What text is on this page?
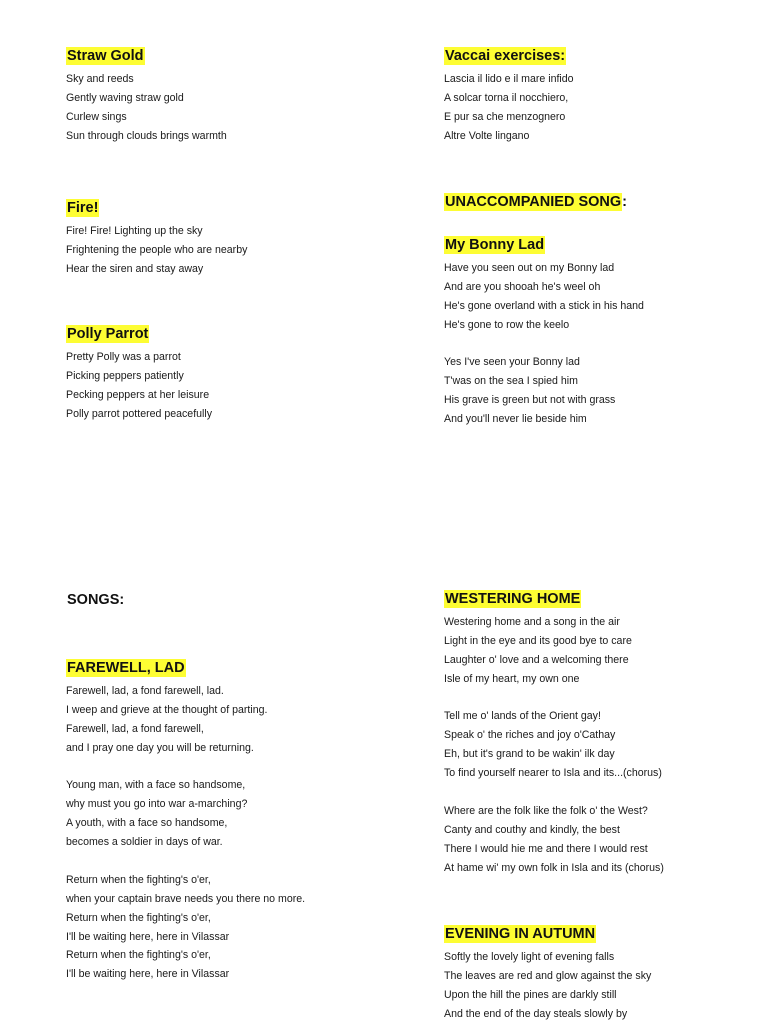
Straw Gold
Sky and reeds
Gently waving straw gold
Curlew sings
Sun through clouds brings warmth
Fire!
Fire! Fire! Lighting up the sky
Frightening the people who are nearby
Hear the siren and stay away
Polly Parrot
Pretty Polly was a parrot
Picking peppers patiently
Pecking peppers at her leisure
Polly parrot pottered peacefully
SONGS:
FAREWELL, LAD
Farewell, lad, a fond farewell, lad.
I weep and grieve at the thought of parting.
Farewell, lad, a fond farewell,
and I pray one day you will be returning.
Young man, with a face so handsome,
why must you go into war a-marching?
A youth, with a face so handsome,
becomes a soldier in days of war.
Return when the fighting's o'er,
when your captain brave needs you there no more.
Return when the fighting's o'er,
I'll be waiting here, here in Vilassar
Return when the fighting's o'er,
I'll be waiting here, here in Vilassar
Vaccai exercises:
Lascia il lido e il mare infido
A solcar torna il nocchiero,
E pur sa che menzognero
Altre Volte lingano
UNACCOMPANIED SONG:
My Bonny Lad
Have you seen out on my Bonny lad
And are you shooah he's weel oh
He's gone overland with a stick in his hand
He's gone to row the keelo
Yes I've seen your Bonny lad
T'was on the sea I spied him
His grave is green but not with grass
And you'll never lie beside him
WESTERING HOME
Westering home and a song in the air
Light in the eye and its good bye to care
Laughter o' love and a welcoming there
Isle of my heart, my own one
Tell me o' lands of the Orient gay!
Speak o' the riches and joy o'Cathay
Eh, but it's grand to be wakin' ilk day
To find yourself nearer to Isla and its...(chorus)
Where are the folk like the folk o' the West?
Canty and couthy and kindly, the best
There I would hie me and there I would rest
At hame wi' my own folk in Isla and its (chorus)
EVENING IN AUTUMN
Softly the lovely light of evening falls
The leaves are red and glow against the sky
Upon the hill the pines are darkly still
And the end of the day steals slowly by
